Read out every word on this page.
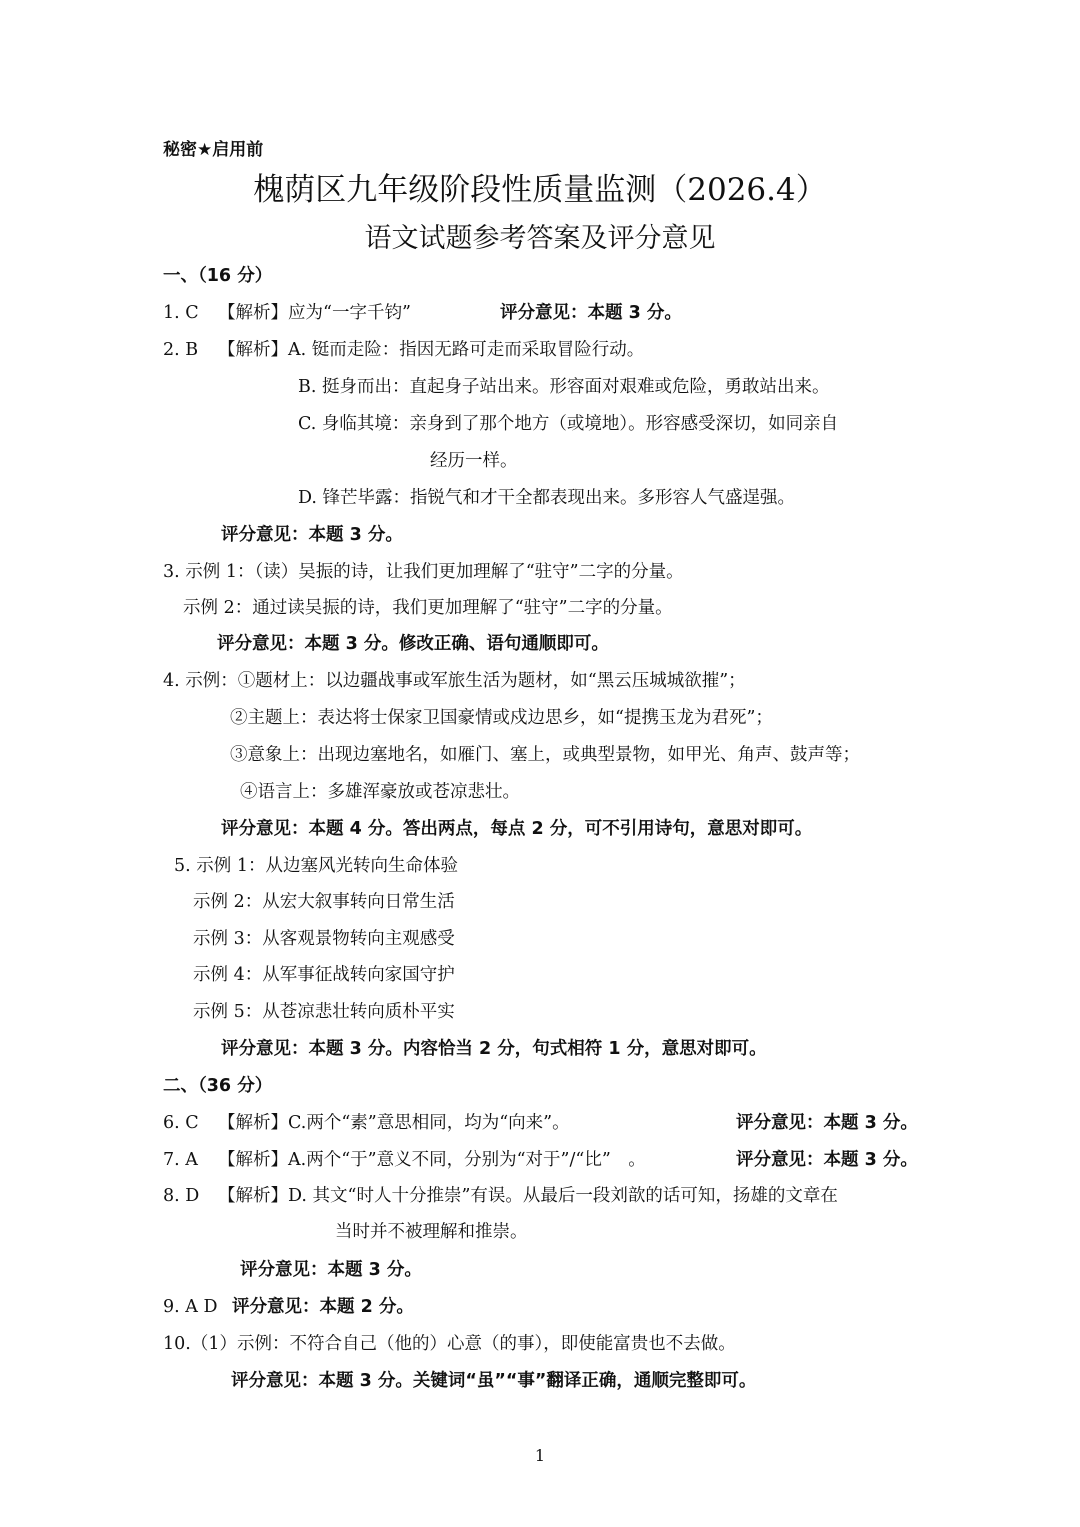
秘密★启用前
槐荫区九年级阶段性质量监测（2026.4）
语文试题参考答案及评分意见
一、（16 分）
1. C 【解析】应为“一字千钧”	评分意见：本题 3 分。
2. B 【解析】A. 铤而走险：指因无路可走而采取冒险行动。
B. 挺身而出：直起身子站出来。形容面对艰难或危险，勇敢站出来。
C. 身临其境：亲身到了那个地方（或境地）。形容感受深切，如同亲自
经历一样。
D. 锋芒毕露：指锐气和才干全都表现出来。多形容人气盛逞强。
评分意见：本题 3 分。
3. 示例 1：（读）吴振的诗，让我们更加理解了“驻守”二字的分量。
示例 2：通过读吴振的诗，我们更加理解了“驻守”二字的分量。
评分意见：本题 3 分。修改正确、语句通顺即可。
4. 示例：①题材上：以边疆战事或军旅生活为题材，如“黑云压城城欲摧”；
②主题上：表达将士保家卫国豪情或戍边思乡，如“提携玉龙为君死”；
③意象上：出现边塞地名，如雁门、塞上，或典型景物，如甲光、角声、鼓声等；
④语言上：多雄浑豪放或苍凉悲壮。
评分意见：本题 4 分。答出两点，每点 2 分，可不引用诗句，意思对即可。
5. 示例 1：从边塞风光转向生命体验
示例 2：从宏大叙事转向日常生活
示例 3：从客观景物转向主观感受
示例 4：从军事征战转向家国守护
示例 5：从苍凉悲壮转向质朴平实
评分意见：本题 3 分。内容恰当 2 分，句式相符 1 分，意思对即可。
二、（36 分）
6. C 【解析】C.两个“素”意思相同，均为“向来”。	评分意见：本题 3 分。
7. A 【解析】A.两个“于”意义不同，分别为“对于”/“比”　。	评分意见：本题 3 分。
8. D 【解析】D. 其文“时人十分推崇”有误。从最后一段刘歆的话可知，扬雄的文章在
当时并不被理解和推崇。
评分意见：本题 3 分。
9. A D 评分意见：本题 2 分。
10.（1）示例：不符合自己（他的）心意（的事），即使能富贵也不去做。
评分意见：本题 3 分。关键词“虽”“事”翻译正确，通顺完整即可。
1
